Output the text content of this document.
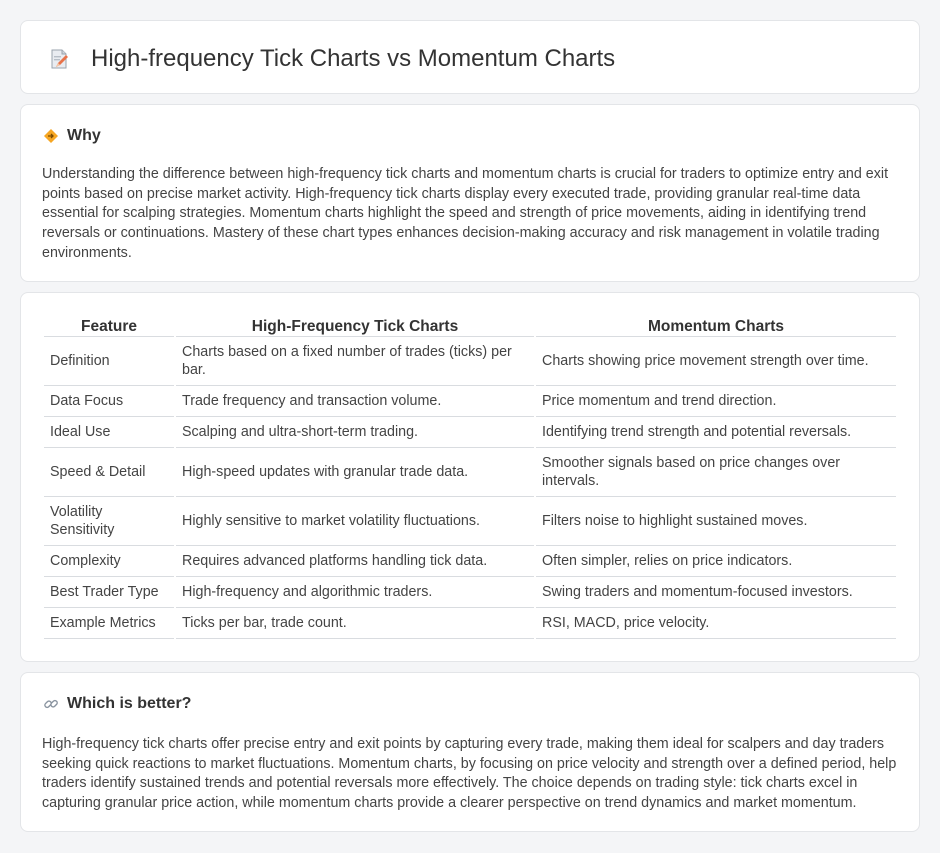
High-frequency Tick Charts vs Momentum Charts
Why

Understanding the difference between high-frequency tick charts and momentum charts is crucial for traders to optimize entry and exit points based on precise market activity. High-frequency tick charts display every executed trade, providing granular real-time data essential for scalping strategies. Momentum charts highlight the speed and strength of price movements, aiding in identifying trend reversals or continuations. Mastery of these chart types enhances decision-making accuracy and risk management in volatile trading environments.

Feature	High-Frequency Tick Charts	Momentum Charts
Definition	Charts based on a fixed number of trades (ticks) per bar.	Charts showing price movement strength over time.
Data Focus	Trade frequency and transaction volume.	Price momentum and trend direction.
Ideal Use	Scalping and ultra-short-term trading.	Identifying trend strength and potential reversals.
Speed & Detail	High-speed updates with granular trade data.	Smoother signals based on price changes over intervals.
Volatility Sensitivity	Highly sensitive to market volatility fluctuations.	Filters noise to highlight sustained moves.
Complexity	Requires advanced platforms handling tick data.	Often simpler, relies on price indicators.
Best Trader Type	High-frequency and algorithmic traders.	Swing traders and momentum-focused investors.
Example Metrics	Ticks per bar, trade count.	RSI, MACD, price velocity.
Which is better?

High-frequency tick charts offer precise entry and exit points by capturing every trade, making them ideal for scalpers and day traders seeking quick reactions to market fluctuations. Momentum charts, by focusing on price velocity and strength over a defined period, help traders identify sustained trends and potential reversals more effectively. The choice depends on trading style: tick charts excel in capturing granular price action, while momentum charts provide a clearer perspective on trend dynamics and market momentum.
